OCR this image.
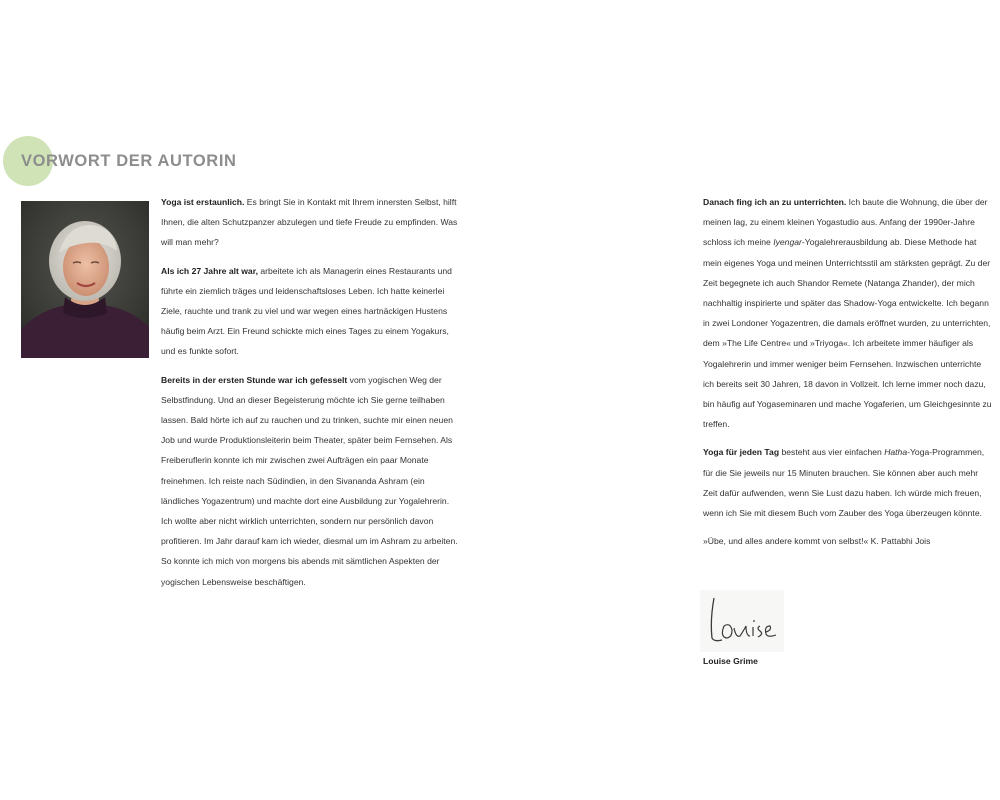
VORWORT DER AUTORIN

Yoga ist erstaunlich. Es bringt Sie in Kontakt mit Ihrem innersten Selbst, hilft Ihnen, die alten Schutzpanzer abzulegen und tiefe Freude zu empfinden. Was will man mehr?

Als ich 27 Jahre alt war, arbeitete ich als Managerin eines Restaurants und führte ein ziemlich träges und leidenschaftsloses Leben. Ich hatte keinerlei Ziele, rauchte und trank zu viel und war wegen eines hartnäckigen Hustens häufig beim Arzt. Ein Freund schickte mich eines Tages zu einem Yogakurs, und es funkte sofort.

Bereits in der ersten Stunde war ich gefesselt vom yogischen Weg der Selbstfindung. Und an dieser Begeisterung möchte ich Sie gerne teilhaben lassen. Bald hörte ich auf zu rauchen und zu trinken, suchte mir einen neuen Job und wurde Produktionsleiterin beim Theater, später beim Fernsehen. Als Freiberuflerin konnte ich mir zwischen zwei Aufträgen ein paar Monate freinehmen. Ich reiste nach Südindien, in den Sivananda Ashram (ein ländliches Yogazentrum) und machte dort eine Ausbildung zur Yogalehrerin.

Ich wollte aber nicht wirklich unterrichten, sondern nur persönlich davon profitieren. Im Jahr darauf kam ich wieder, diesmal um im Ashram zu arbeiten. So konnte ich mich von morgens bis abends mit sämtlichen Aspekten der yogischen Lebensweise beschäftigen.

Danach fing ich an zu unterrichten. Ich baute die Wohnung, die über der meinen lag, zu einem kleinen Yogastudio aus. Anfang der 1990er-Jahre schloss ich meine Iyengar-Yogalehrerausbildung ab. Diese Methode hat mein eigenes Yoga und meinen Unterrichtsstil am stärksten geprägt. Zu der Zeit begegnete ich auch Shandor Remete (Natanga Zhander), der mich nachhaltig inspirierte und später das Shadow-Yoga entwickelte. Ich begann in zwei Londoner Yogazentren, die damals eröffnet wurden, zu unterrichten, dem »The Life Centre« und »Triyoga«. Ich arbeitete immer häufiger als Yogalehrerin und immer weniger beim Fernsehen. Inzwischen unterrichte ich bereits seit 30 Jahren, 18 davon in Vollzeit. Ich lerne immer noch dazu, bin häufig auf Yogaseminaren und mache Yogaferien, um Gleichgesinnte zu treffen.

Yoga für jeden Tag besteht aus vier einfachen Hatha-Yoga-Programmen, für die Sie jeweils nur 15 Minuten brauchen. Sie können aber auch mehr Zeit dafür aufwenden, wenn Sie Lust dazu haben. Ich würde mich freuen, wenn ich Sie mit diesem Buch vom Zauber des Yoga überzeugen könnte.

»Übe, und alles andere kommt von selbst!« K. Pattabhi Jois

Louise Grime
